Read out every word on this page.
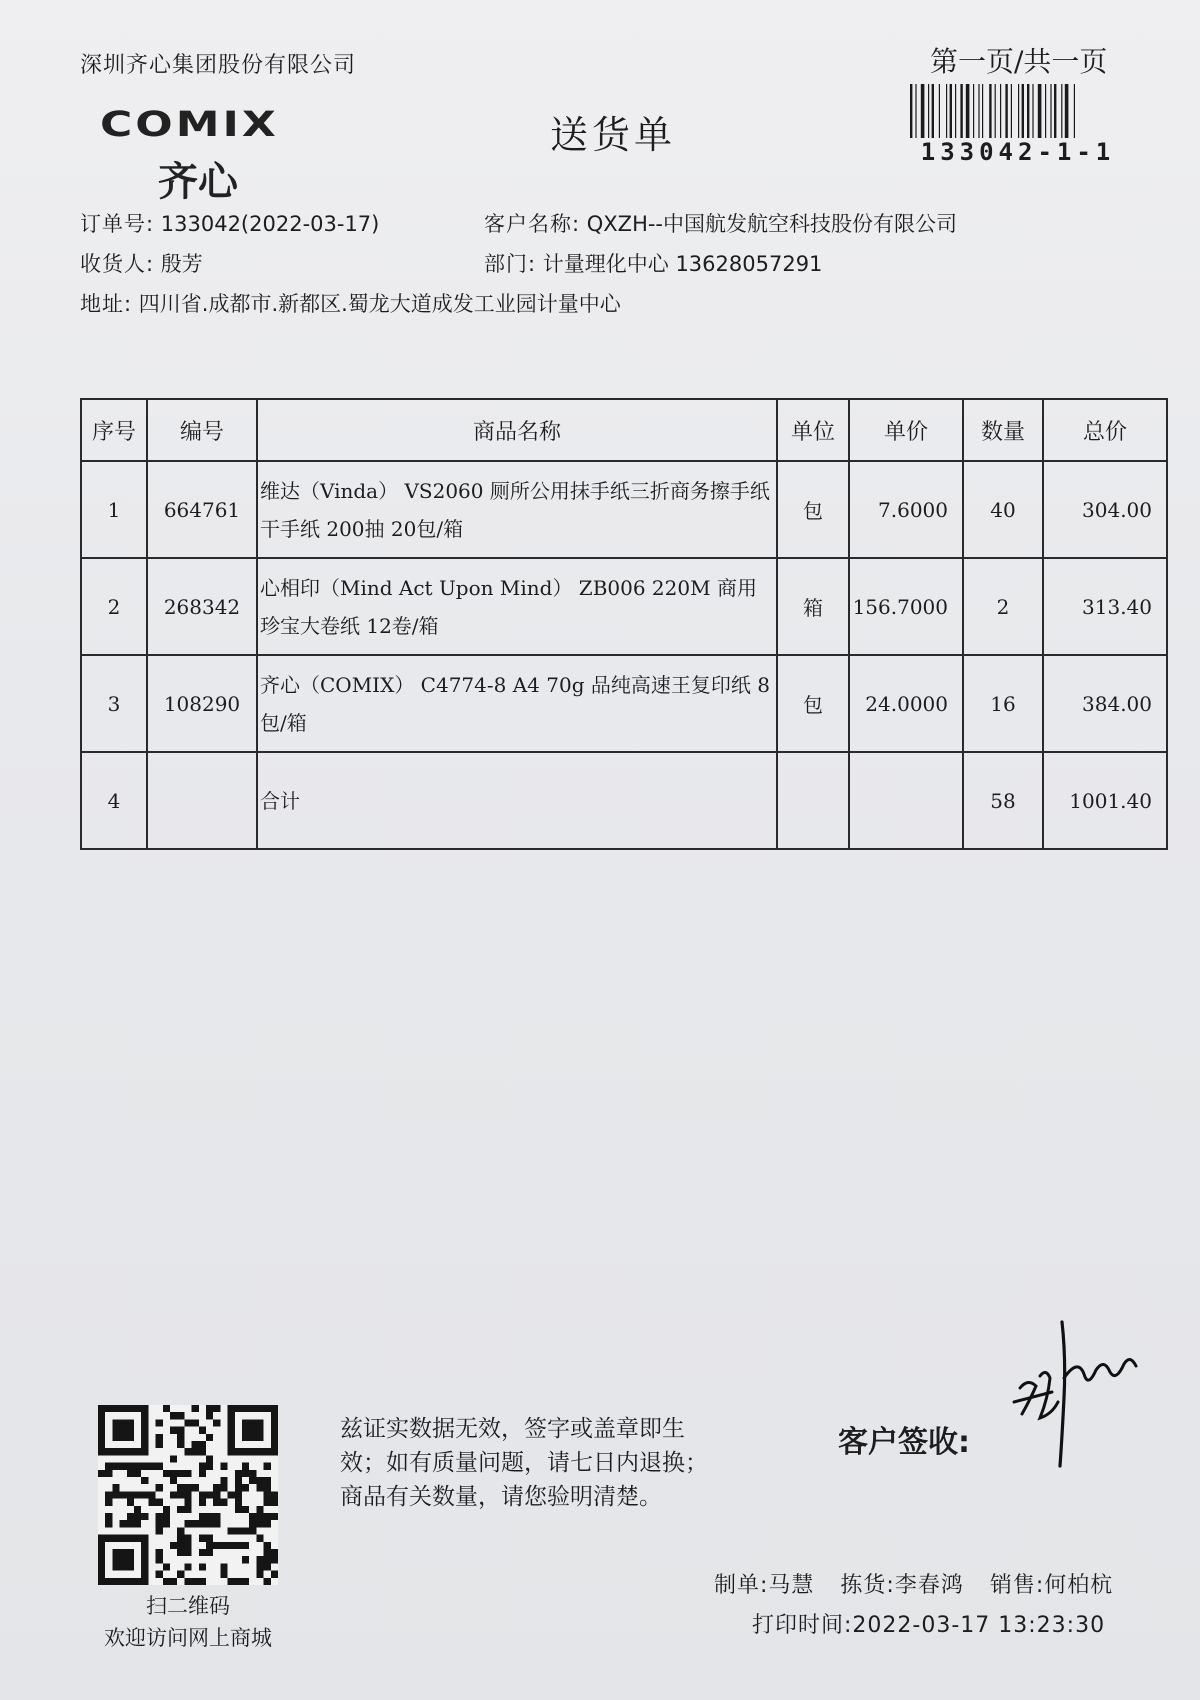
深圳齐心集团股份有限公司
COMIX
齐心
送货单
第一页/共一页
133042-1-1
订单号: 133042(2022-03-17)	客户名称: QXZH--中国航发航空科技股份有限公司
收货人: 殷芳	部门: 计量理化中心 13628057291
地址: 四川省.成都市.新都区.蜀龙大道成发工业园计量中心
序号	编号	商品名称	单位	单价	数量	总价
1	664761	维达（Vinda） VS2060 厕所公用抹手纸三折商务擦手纸干手纸 200抽 20包/箱	包	7.6000	40	304.00
2	268342	心相印（Mind Act Upon Mind） ZB006 220M 商用珍宝大卷纸 12卷/箱	箱	156.7000	2	313.40
3	108290	齐心（COMIX） C4774-8 A4 70g 品纯高速王复印纸 8包/箱	包	24.0000	16	384.00
4		合计			58	1001.40
扫二维码
欢迎访问网上商城
兹证实数据无效，签字或盖章即生
效；如有质量问题，请七日内退换；
商品有关数量，请您验明清楚。
客户签收:
制单:马慧 拣货:李春鸿 销售:何柏杭
打印时间:2022-03-17 13:23:30
